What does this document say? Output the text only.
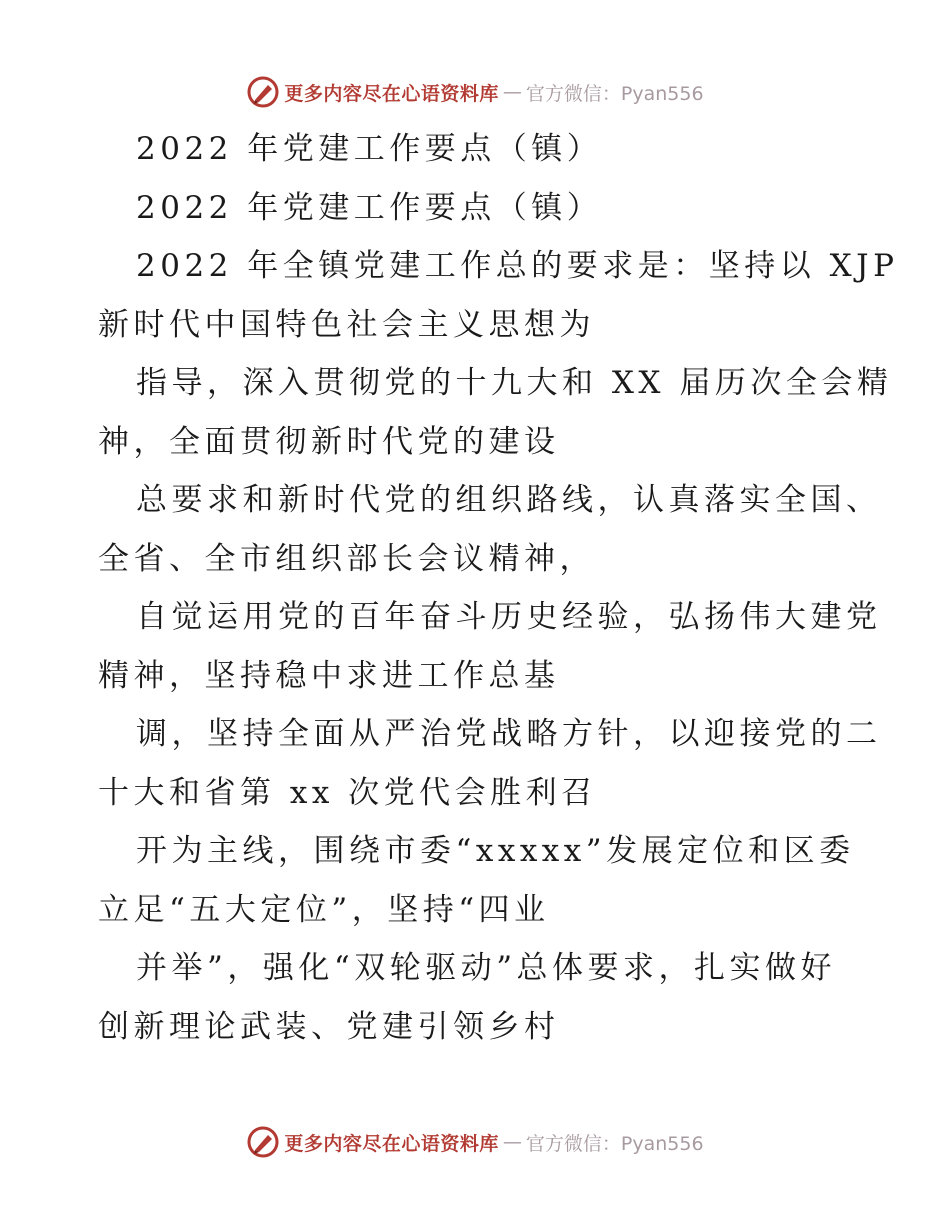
更多内容尽在心语资料库 — 官方微信：Pyan556
2022 年党建工作要点（镇）
2022 年党建工作要点（镇）
2022 年全镇党建工作总的要求是：坚持以 XJP
新时代中国特色社会主义思想为
指导，深入贯彻党的十九大和 XX 届历次全会精
神，全面贯彻新时代党的建设
总要求和新时代党的组织路线，认真落实全国、
全省、全市组织部长会议精神，
自觉运用党的百年奋斗历史经验，弘扬伟大建党
精神，坚持稳中求进工作总基
调，坚持全面从严治党战略方针，以迎接党的二
十大和省第 xx 次党代会胜利召
开为主线，围绕市委“xxxxx”发展定位和区委
立足“五大定位”，坚持“四业
并举”，强化“双轮驱动”总体要求，扎实做好
创新理论武装、党建引领乡村
更多内容尽在心语资料库 — 官方微信：Pyan556
